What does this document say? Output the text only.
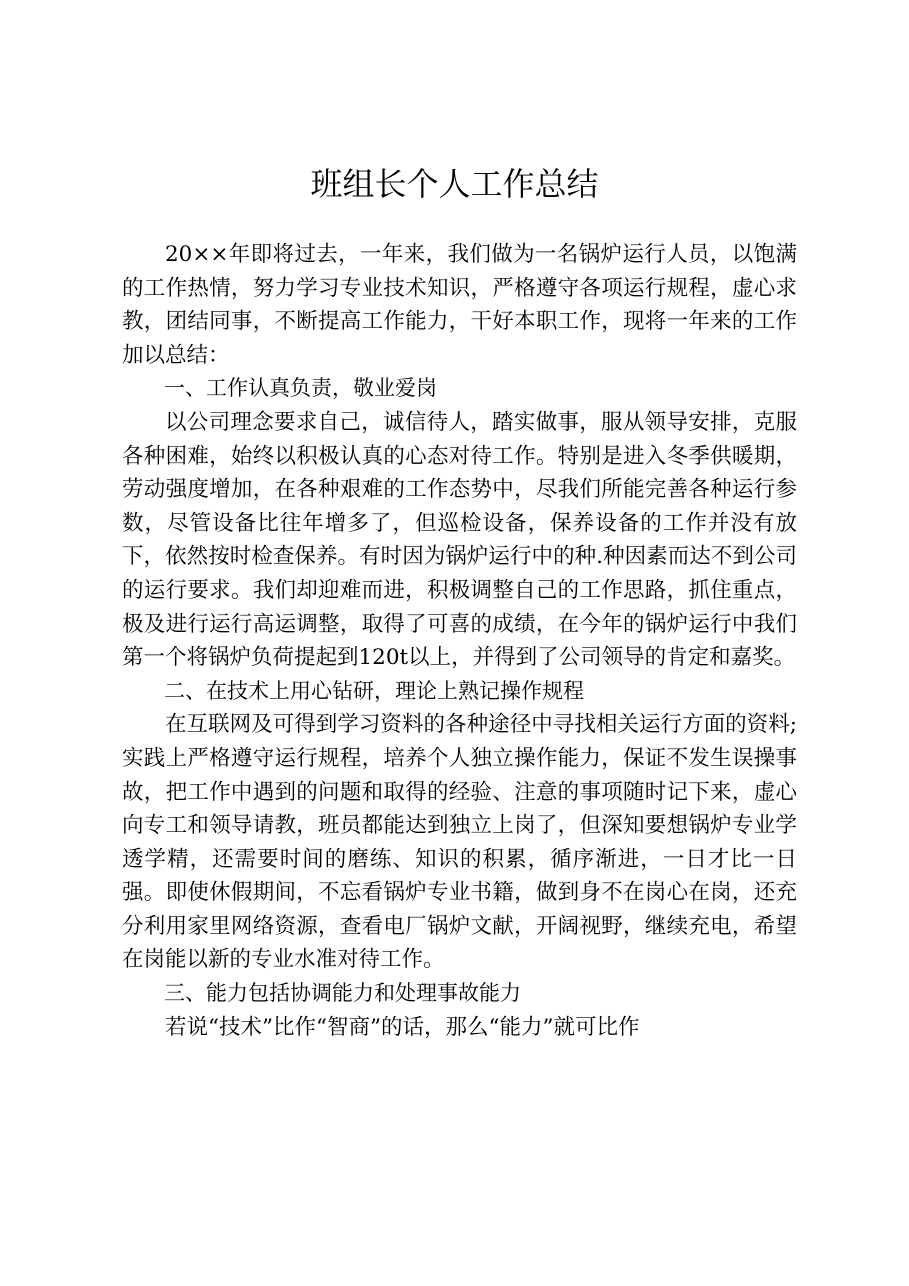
班组长个人工作总结

20××年即将过去，一年来，我们做为一名锅炉运行人员，以饱满的工作热情，努力学习专业技术知识，严格遵守各项运行规程，虚心求教，团结同事，不断提高工作能力，干好本职工作，现将一年来的工作加以总结：

一、工作认真负责，敬业爱岗

以公司理念要求自己，诚信待人，踏实做事，服从领导安排，克服各种困难，始终以积极认真的心态对待工作。特别是进入冬季供暖期，劳动强度增加，在各种艰难的工作态势中，尽我们所能完善各种运行参数，尽管设备比往年增多了，但巡检设备，保养设备的工作并没有放下，依然按时检查保养。有时因为锅炉运行中的种.种因素而达不到公司的运行要求。我们却迎难而进，积极调整自己的工作思路，抓住重点，极及进行运行高运调整，取得了可喜的成绩，在今年的锅炉运行中我们第一个将锅炉负荷提起到120t以上，并得到了公司领导的肯定和嘉奖。

二、在技术上用心钻研，理论上熟记操作规程

在互联网及可得到学习资料的各种途径中寻找相关运行方面的资料;实践上严格遵守运行规程，培养个人独立操作能力，保证不发生误操事故，把工作中遇到的问题和取得的经验、注意的事项随时记下来，虚心向专工和领导请教，班员都能达到独立上岗了，但深知要想锅炉专业学透学精，还需要时间的磨练、知识的积累，循序渐进，一日才比一日强。即使休假期间，不忘看锅炉专业书籍，做到身不在岗心在岗，还充分利用家里网络资源，查看电厂锅炉文献，开阔视野，继续充电，希望在岗能以新的专业水准对待工作。

三、能力包括协调能力和处理事故能力

若说“技术”比作“智商”的话，那么“能力”就可比作
